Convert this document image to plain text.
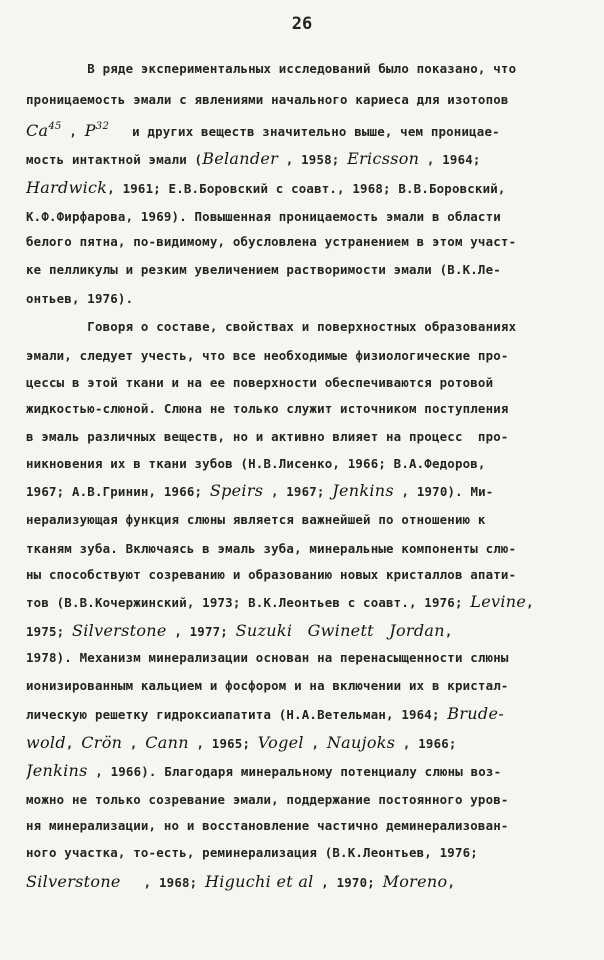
26
В ряде экспериментальных исследований было показано, что
проницаемость эмали с явлениями начального кариеса для изотопов
Ca$^{45}$ , $P^{32}$   и других веществ значительно выше, чем проницае-
мость интактной эмали (Belander , 1958; Ericsson , 1964;
Hardwick, 1961; Е.В.Боровский с соавт., 1968; В.В.Боровский,
К.Ф.Фирфарова, 1969). Повышенная проницаемость эмали в области
белого пятна, по-видимому, обусловлена устранением в этом участ-
ке пелликулы и резким увеличением растворимости эмали (В.К.Ле-
онтьев, 1976).
Говоря о составе, свойствах и поверхностных образованиях
эмали, следует учесть, что все необходимые физиологические про-
цессы в этой ткани и на ее поверхности обеспечиваются ротовой
жидкостью-слюной. Слюна не только служит источником поступления
в эмаль различных веществ, но и активно влияет на процесс  про-
никновения их в ткани зубов (Н.В.Лисенко, 1966; В.А.Федоров,
1967; А.В.Гринин, 1966; Speirs , 1967; Jenkins , 1970). Ми-
нерализующая функция слюны является важнейшей по отношению к
тканям зуба. Включаясь в эмаль зуба, минеральные компоненты слю-
ны способствуют созреванию и образованию новых кристаллов апати-
тов (В.В.Кочержинский, 1973; В.К.Леонтьев с соавт., 1976; Levine,
1975; Silverstone , 1977; Suzuki Gwinett Jordan,
1978). Механизм минерализации основан на перенасыщенности слюны
ионизированным кальцием и фосфором и на включении их в кристал-
лическую решетку гидроксиапатита (Н.А.Ветельман, 1964; Brude-
wold, Crön , Cann , 1965; Vogel , Naujoks , 1966;
Jenkins , 1966). Благодаря минеральному потенциалу слюны воз-
можно не только созревание эмали, поддержание постоянного уров-
ня минерализации, но и восстановление частично деминерализован-
ного участка, то-есть, реминерализация (В.К.Леонтьев, 1976;
Silverstone   , 1968; Higuchi et al , 1970; Moreno,
